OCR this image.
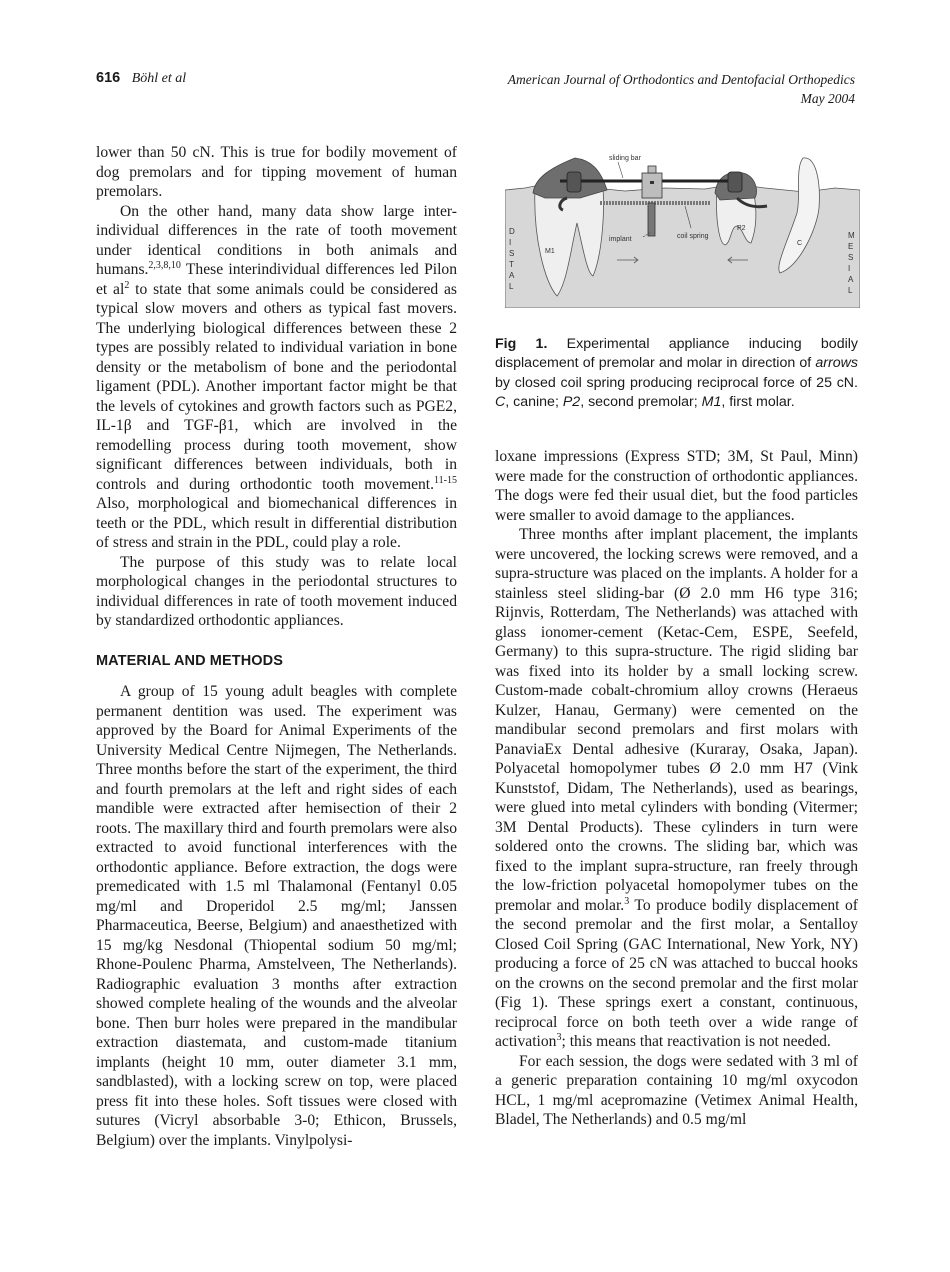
616 Böhl et al	American Journal of Orthodontics and Dentofacial Orthopedics
May 2004

lower than 50 cN. This is true for bodily movement of dog premolars and for tipping movement of human premolars.

On the other hand, many data show large inter-individual differences in the rate of tooth movement under identical conditions in both animals and humans.$^{2,3,8,10}$ These interindividual differences led Pilon et $al^2$ to state that some animals could be considered as typical slow movers and others as typical fast movers. The underlying biological differences between these 2 types are possibly related to individual variation in bone density or the metabolism of bone and the periodontal ligament (PDL). Another important factor might be that the levels of cytokines and growth factors such as PGE2, IL-1β and TGF-β1, which are involved in the remodelling process during tooth movement, show significant differences between individuals, both in controls and during orthodontic tooth movement.$^{11-15}$ Also, morphological and biomechanical differences in teeth or the PDL, which result in differential distribution of stress and strain in the PDL, could play a role.

The purpose of this study was to relate local morphological changes in the periodontal structures to individual differences in rate of tooth movement induced by standardized orthodontic appliances.

MATERIAL AND METHODS

A group of 15 young adult beagles with complete permanent dentition was used. The experiment was approved by the Board for Animal Experiments of the University Medical Centre Nijmegen, The Netherlands. Three months before the start of the experiment, the third and fourth premolars at the left and right sides of each mandible were extracted after hemisection of their 2 roots. The maxillary third and fourth premolars were also extracted to avoid functional interferences with the orthodontic appliance. Before extraction, the dogs were premedicated with 1.5 ml Thalamonal (Fentanyl 0.05 mg/ml and Droperidol 2.5 mg/ml; Janssen Pharmaceutica, Beerse, Belgium) and anaesthetized with 15 mg/kg Nesdonal (Thiopental sodium 50 mg/ml; Rhone-Poulenc Pharma, Amstelveen, The Netherlands). Radiographic evaluation 3 months after extraction showed complete healing of the wounds and the alveolar bone. Then burr holes were prepared in the mandibular extraction diastemata, and custom-made titanium implants (height 10 mm, outer diameter 3.1 mm, sandblasted), with a locking screw on top, were placed press fit into these holes. Soft tissues were closed with sutures (Vicryl absorbable 3-0; Ethicon, Brussels, Belgium) over the implants. Vinylpolysi-

sliding bar
implant	coil spring
M1
P2
C
D
I
S
T
A
L
M
E
S
I
A
L
Fig 1. Experimental appliance inducing bodily displacement of premolar and molar in direction of arrows by closed coil spring producing reciprocal force of 25 cN. C, canine; P2, second premolar; M1, first molar.

loxane impressions (Express STD; 3M, St Paul, Minn) were made for the construction of orthodontic appliances. The dogs were fed their usual diet, but the food particles were smaller to avoid damage to the appliances.

Three months after implant placement, the implants were uncovered, the locking screws were removed, and a supra-structure was placed on the implants. A holder for a stainless steel sliding-bar (Ø 2.0 mm H6 type 316; Rijnvis, Rotterdam, The Netherlands) was attached with glass ionomer-cement (Ketac-Cem, ESPE, Seefeld, Germany) to this supra-structure. The rigid sliding bar was fixed into its holder by a small locking screw. Custom-made cobalt-chromium alloy crowns (Heraeus Kulzer, Hanau, Germany) were cemented on the mandibular second premolars and first molars with PanaviaEx Dental adhesive (Kuraray, Osaka, Japan). Polyacetal homopolymer tubes Ø 2.0 mm H7 (Vink Kunststof, Didam, The Netherlands), used as bearings, were glued into metal cylinders with bonding (Vitermer; 3M Dental Products). These cylinders in turn were soldered onto the crowns. The sliding bar, which was fixed to the implant supra-structure, ran freely through the low-friction polyacetal homopolymer tubes on the premolar and molar.$^3$ To produce bodily displacement of the second premolar and the first molar, a Sentalloy Closed Coil Spring (GAC International, New York, NY) producing a force of 25 cN was attached to buccal hooks on the crowns on the second premolar and the first molar (Fig 1). These springs exert a constant, continuous, reciprocal force on both teeth over a wide range of activation$^3$; this means that reactivation is not needed.

For each session, the dogs were sedated with 3 ml of a generic preparation containing 10 mg/ml oxycodon HCL, 1 mg/ml acepromazine (Vetimex Animal Health, Bladel, The Netherlands) and 0.5 mg/ml
